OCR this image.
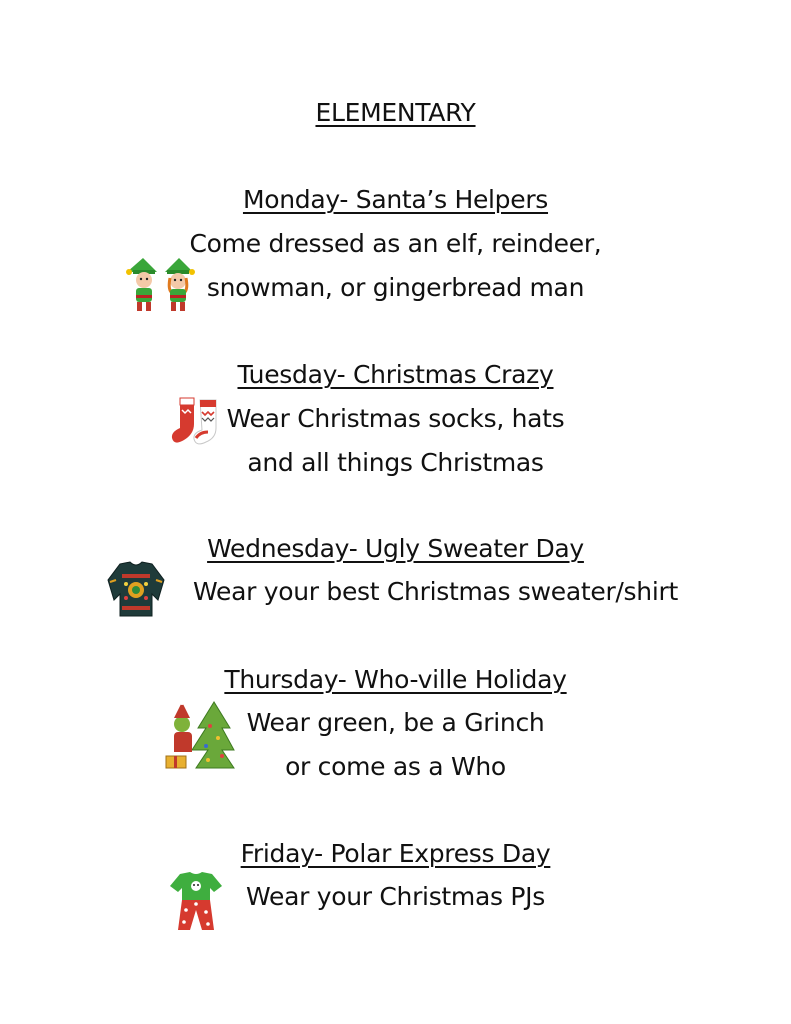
ELEMENTARY
Monday- Santa’s Helpers
Come dressed as an elf, reindeer,
snowman, or gingerbread man
Tuesday- Christmas Crazy
Wear Christmas socks, hats
and all things Christmas
Wednesday- Ugly Sweater Day
Wear your best Christmas sweater/shirt
Thursday- Who-ville Holiday
Wear green, be a Grinch
or come as a Who
Friday- Polar Express Day
Wear your Christmas PJs
